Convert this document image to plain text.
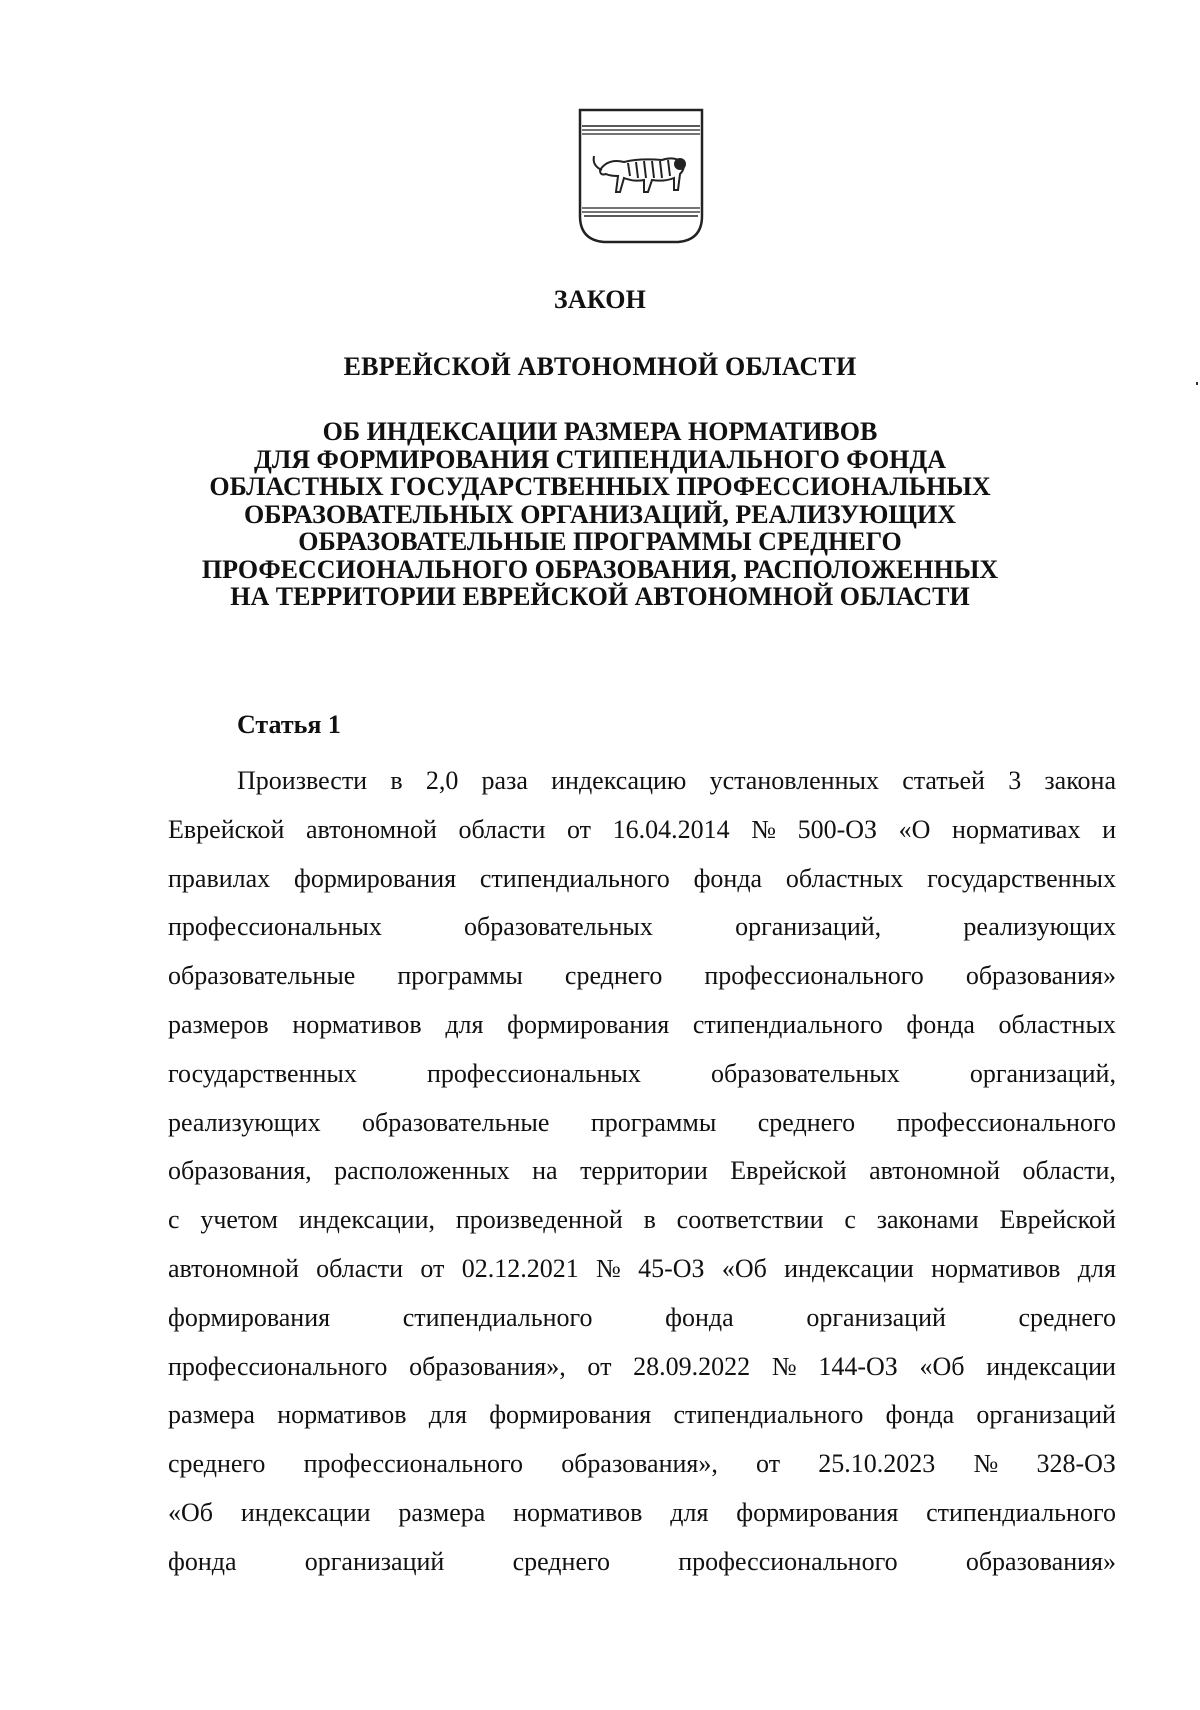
ЗАКОН
ЕВРЕЙСКОЙ АВТОНОМНОЙ ОБЛАСТИ
ОБ ИНДЕКСАЦИИ РАЗМЕРА НОРМАТИВОВ
ДЛЯ ФОРМИРОВАНИЯ СТИПЕНДИАЛЬНОГО ФОНДА
ОБЛАСТНЫХ ГОСУДАРСТВЕННЫХ ПРОФЕССИОНАЛЬНЫХ
ОБРАЗОВАТЕЛЬНЫХ ОРГАНИЗАЦИЙ, РЕАЛИЗУЮЩИХ
ОБРАЗОВАТЕЛЬНЫЕ ПРОГРАММЫ СРЕДНЕГО
ПРОФЕССИОНАЛЬНОГО ОБРАЗОВАНИЯ, РАСПОЛОЖЕННЫХ
НА ТЕРРИТОРИИ ЕВРЕЙСКОЙ АВТОНОМНОЙ ОБЛАСТИ
Статья 1
Произвести в 2,0 раза индексацию установленных статьей 3 закона
Еврейской автономной области от 16.04.2014 № 500-ОЗ «О нормативах и
правилах формирования стипендиального фонда областных государственных
профессиональных	образовательных	организаций,	реализующих
образовательные программы среднего профессионального образования»
размеров нормативов для формирования стипендиального фонда областных
государственных	профессиональных	образовательных	организаций,
реализующих образовательные программы среднего профессионального
образования, расположенных на территории Еврейской автономной области,
с учетом индексации, произведенной в соответствии с законами Еврейской
автономной области от 02.12.2021 № 45-ОЗ «Об индексации нормативов для
формирования	стипендиального	фонда	организаций	среднего
профессионального образования», от 28.09.2022 № 144-ОЗ «Об индексации
размера нормативов для формирования стипендиального фонда организаций
среднего профессионального образования», от 25.10.2023 № 328-ОЗ
«Об индексации размера нормативов для формирования стипендиального
фонда	организаций	среднего	профессионального	образования»
